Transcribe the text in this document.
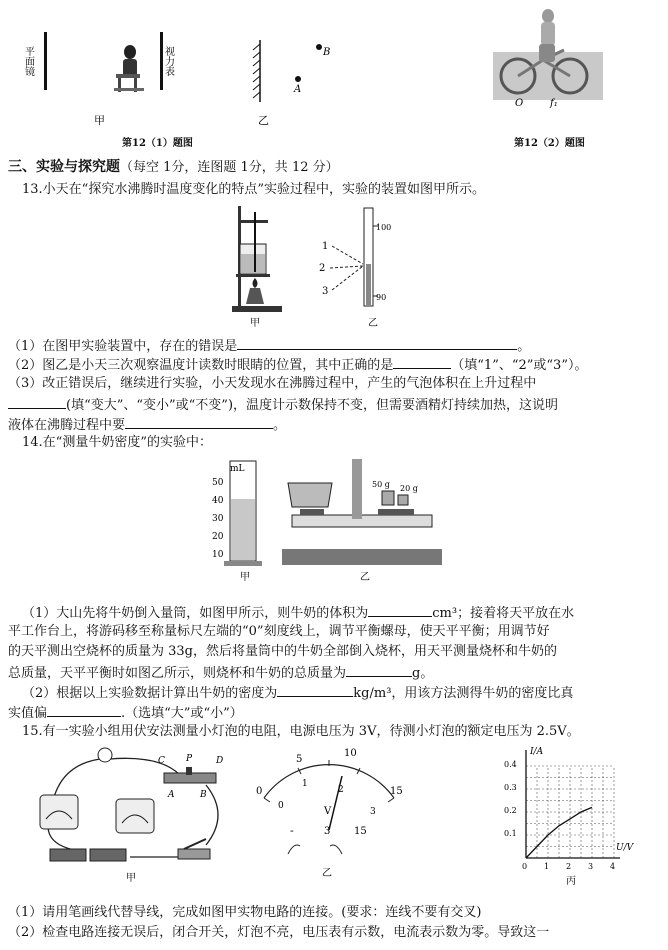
平面镜	视力表	B
A
甲	乙
第12（1）题图
O	f₁
第12（2）题图
三、实验与探究题（每空 1分，连图题 1分，共 12 分）
13.小天在“探究水沸腾时温度变化的特点”实验过程中，实验的装置如图甲所示。
甲
100
90
1
2
3
乙
（1）在图甲实验装置中，存在的错误是	。
（2）图乙是小天三次观察温度计读数时眼睛的位置，其中正确的是	（填“1”、“2”或“3”）。
（3）改正错误后，继续进行实验，小天发现水在沸腾过程中，产生的气泡体积在上升过程中
(填“变大”、“变小”或“不变”)，温度计示数保持不变，但需要酒精灯持续加热，这说明
液体在沸腾过程中要	。
14.在“测量牛奶密度”的实验中：
mL
50
40
30
20
10
甲
50 g 20 g
乙
（1）大山先将牛奶倒入量筒，如图甲所示，则牛奶的体积为	cm³；接着将天平放在水
平工作台上，将游码移至称量标尺左端的“0”刻度线上，调节平衡螺母，使天平平衡；用调节好
的天平测出空烧杯的质量为 33g，然后将量筒中的牛奶全部倒入烧杯，用天平测量烧杯和牛奶的
总质量，天平平衡时如图乙所示，则烧杯和牛奶的总质量为	g。
（2）根据以上实验数据计算出牛奶的密度为	kg/m³，用该方法测得牛奶的密度比真
实值偏	.（选填“大”或“小”）
15.有一实验小组用伏安法测量小灯泡的电阻，电源电压为 3V，待测小灯泡的额定电压为 2.5V。
C P	D
A	B
甲
5
10
0	15
0
1
2
3
V
-	3 15
乙
I/A
U/V
0.4
0.3
0.2
0.1
0 1 2 3 4
丙
（1）请用笔画线代替导线，完成如图甲实物电路的连接。(要求：连线不要有交叉)
（2）检查电路连接无误后，闭合开关，灯泡不亮，电压表有示数，电流表示数为零。导致这一
